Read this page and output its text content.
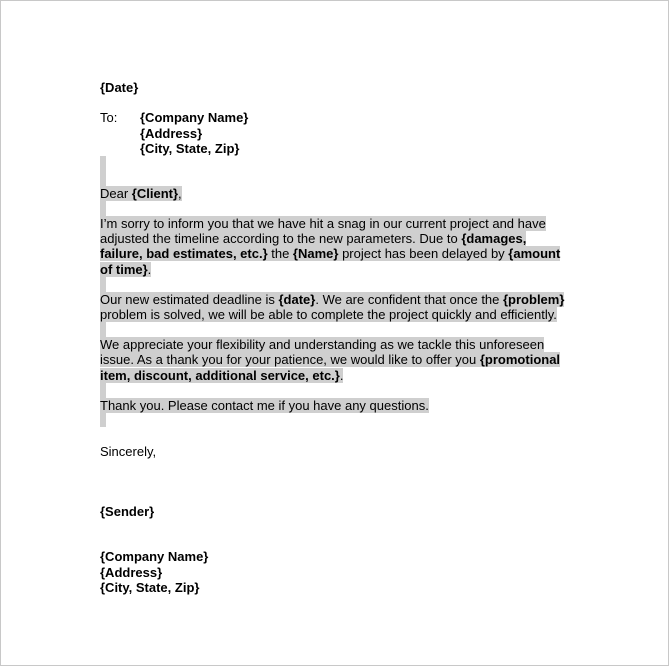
{Date}
To: {Company Name}
{Address}
{City, State, Zip}
Dear {Client},
I’m sorry to inform you that we have hit a snag in our current project and have
adjusted the timeline according to the new parameters. Due to {damages,
failure, bad estimates, etc.} the {Name} project has been delayed by {amount
of time}.
Our new estimated deadline is {date}. We are confident that once the {problem}
problem is solved, we will be able to complete the project quickly and efficiently.
We appreciate your flexibility and understanding as we tackle this unforeseen
issue. As a thank you for your patience, we would like to offer you {promotional
item, discount, additional service, etc.}.
Thank you. Please contact me if you have any questions.
Sincerely,
{Sender}
{Company Name}
{Address}
{City, State, Zip}
